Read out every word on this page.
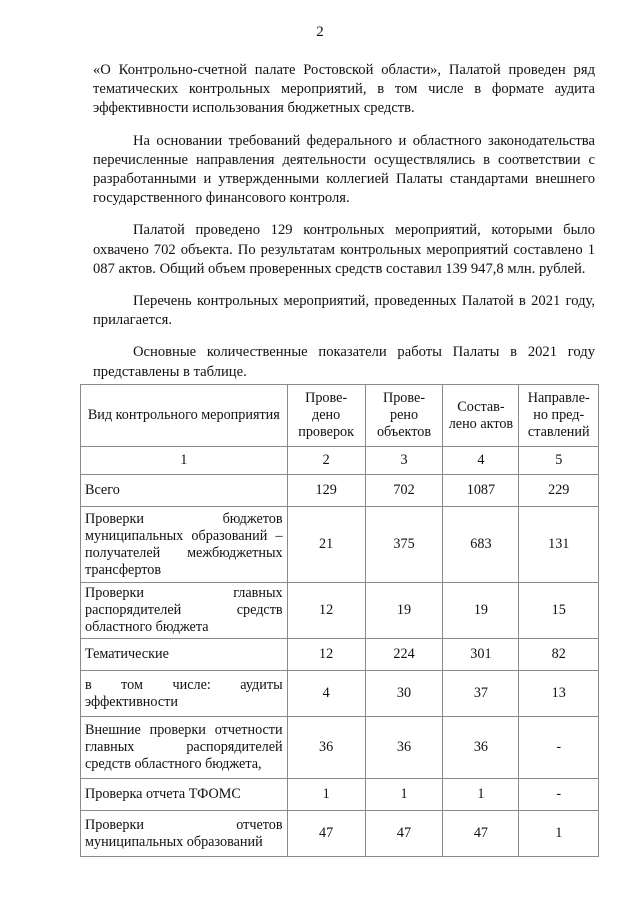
2

«О Контрольно-счетной палате Ростовской области», Палатой проведен ряд тематических контрольных мероприятий, в том числе в формате аудита эффективности использования бюджетных средств.

На основании требований федерального и областного законодательства перечисленные направления деятельности осуществлялись в соответствии с разработанными и утвержденными коллегией Палаты стандартами внешнего государственного финансового контроля.

Палатой проведено 129 контрольных мероприятий, которыми было охвачено 702 объекта. По результатам контрольных мероприятий составлено 1 087 актов. Общий объем проверенных средств составил 139 947,8 млн. рублей.

Перечень контрольных мероприятий, проведенных Палатой в 2021 году, прилагается.

Основные количественные показатели работы Палаты в 2021 году представлены в таблице.

Вид контрольного мероприятия	Прове-дено проверок	Прове-рено объектов	Состав-лено актов	Направле-но пред-ставлений
1	2	3	4	5
Всего	129	702	1087	229
Проверки бюджетов муниципальных образований – получателей межбюджетных трансфертов	21	375	683	131
Проверки главных распорядителей средств областного бюджета	12	19	19	15
Тематические	12	224	301	82
в том числе: аудиты эффективности	4	30	37	13
Внешние проверки отчетности главных распорядителей средств областного бюджета,	36	36	36	-
Проверка отчета ТФОМС	1	1	1	-
Проверки отчетов муниципальных образований	47	47	47	1
